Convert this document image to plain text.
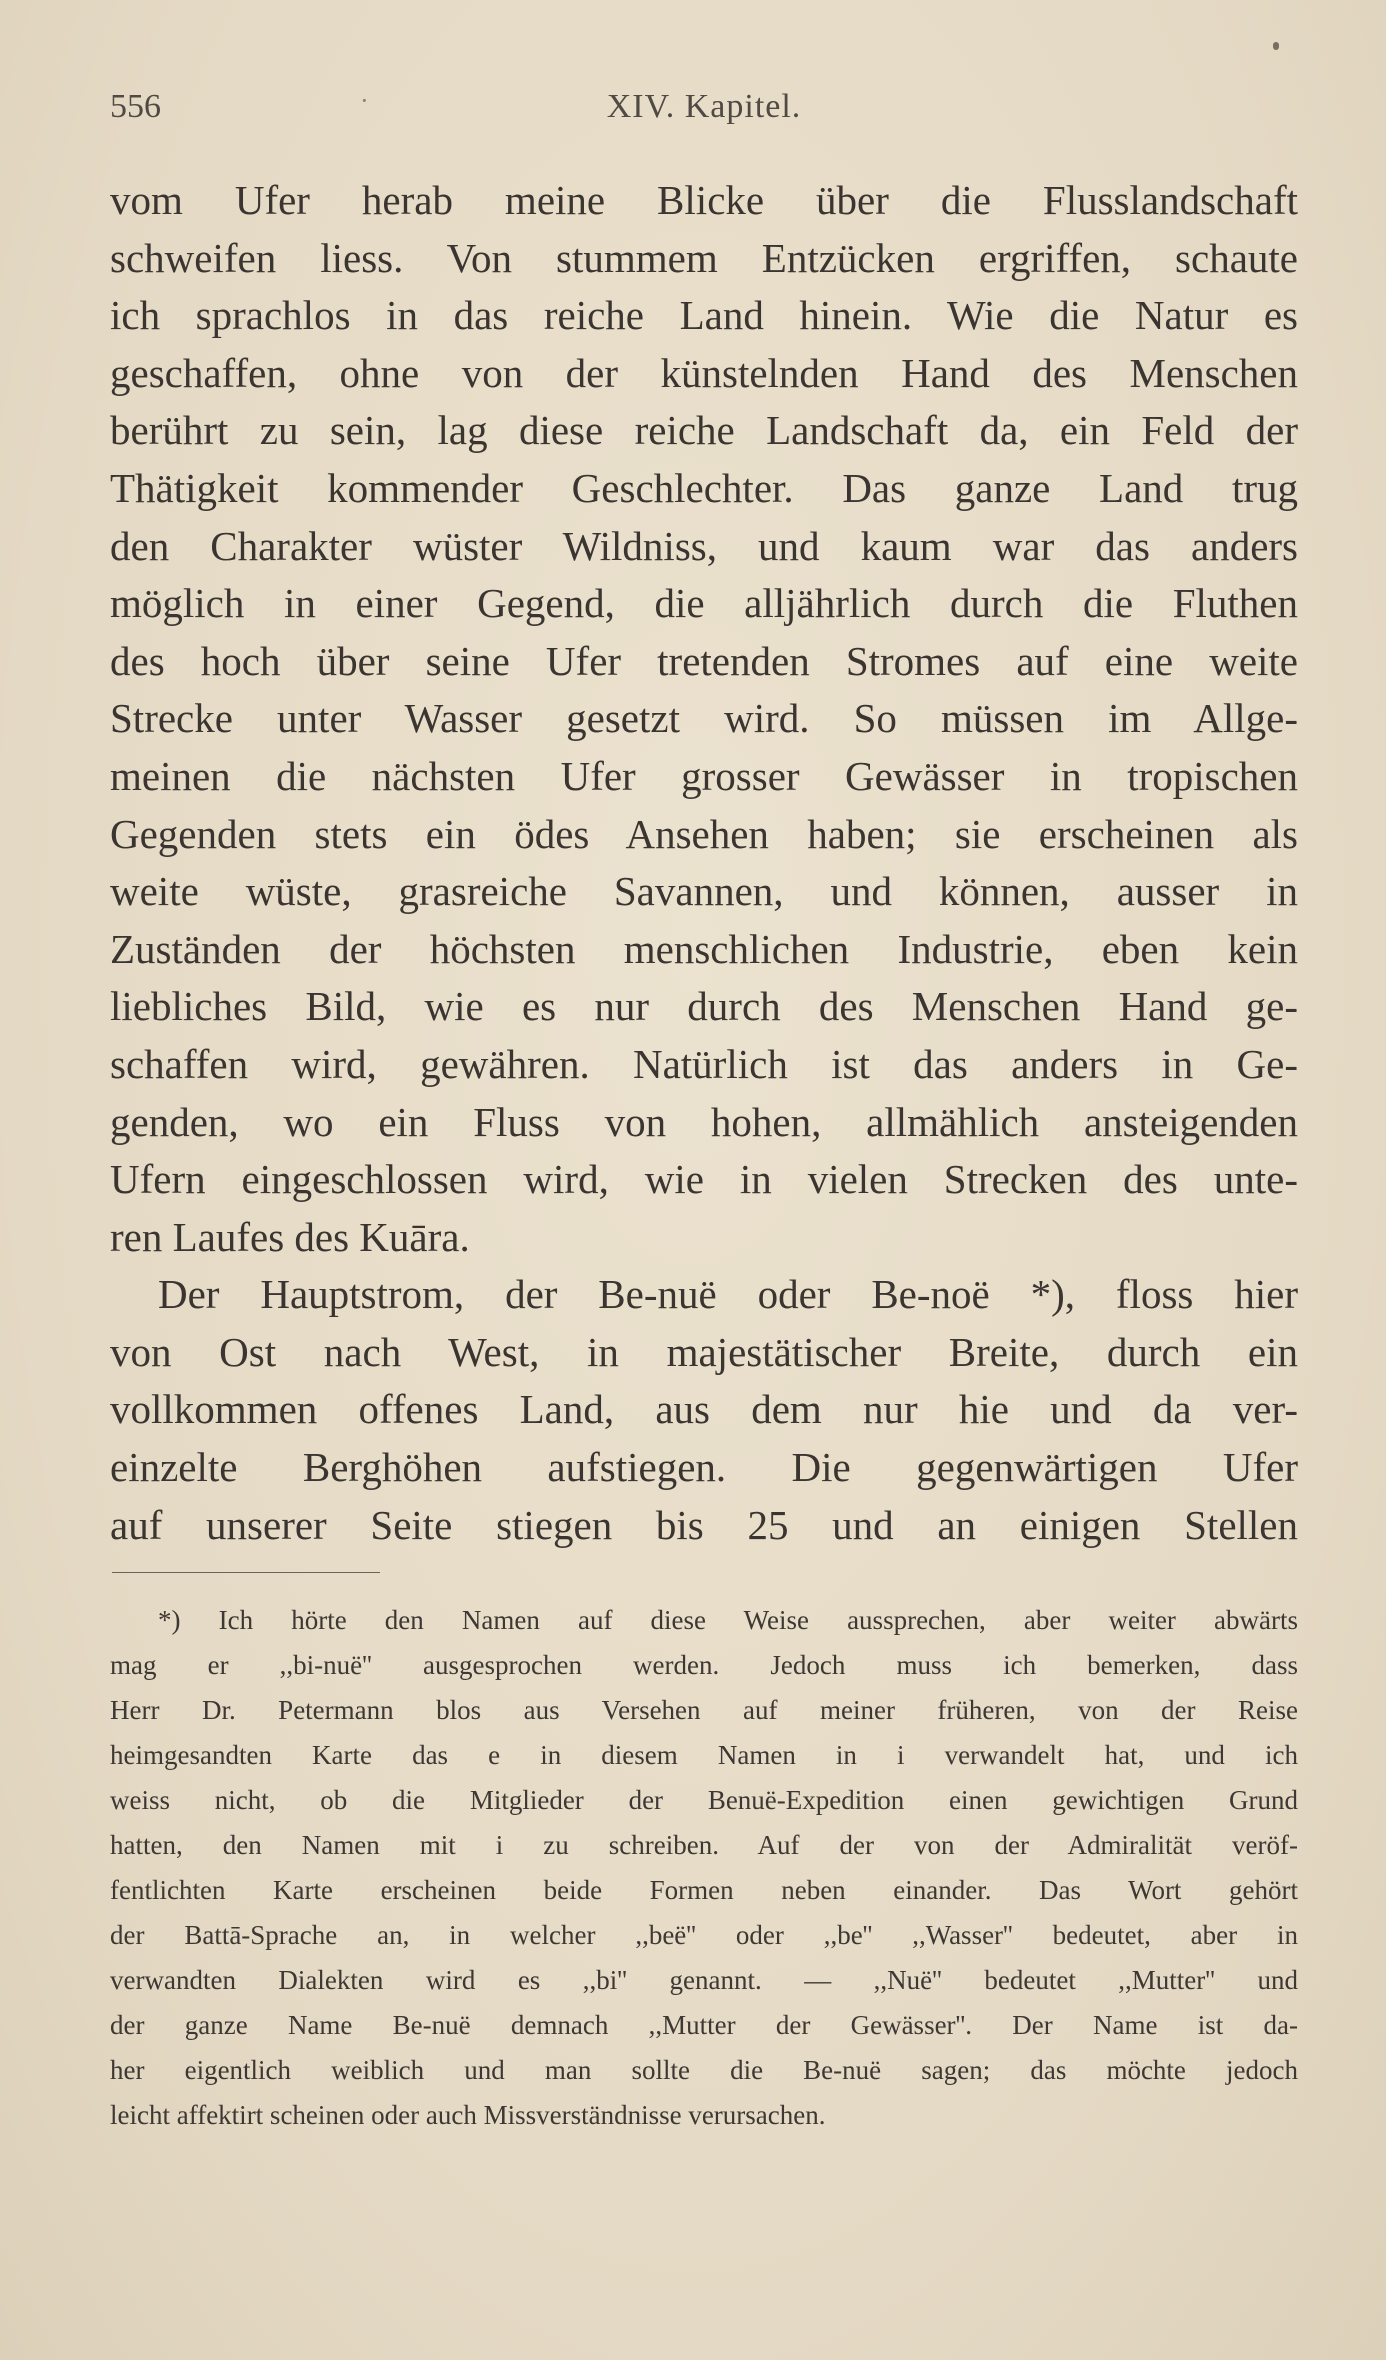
556	·	XIV. Kapitel.
vom Ufer herab meine Blicke über die Flusslandschaft
schweifen liess. Von stummem Entzücken ergriffen, schaute
ich sprachlos in das reiche Land hinein. Wie die Natur es
geschaffen, ohne von der künstelnden Hand des Menschen
berührt zu sein, lag diese reiche Landschaft da, ein Feld der
Thätigkeit kommender Geschlechter. Das ganze Land trug
den Charakter wüster Wildniss, und kaum war das anders
möglich in einer Gegend, die alljährlich durch die Fluthen
des hoch über seine Ufer tretenden Stromes auf eine weite
Strecke unter Wasser gesetzt wird. So müssen im Allge-
meinen die nächsten Ufer grosser Gewässer in tropischen
Gegenden stets ein ödes Ansehen haben; sie erscheinen als
weite wüste, grasreiche Savannen, und können, ausser in
Zuständen der höchsten menschlichen Industrie, eben kein
liebliches Bild, wie es nur durch des Menschen Hand ge-
schaffen wird, gewähren. Natürlich ist das anders in Ge-
genden, wo ein Fluss von hohen, allmählich ansteigenden
Ufern eingeschlossen wird, wie in vielen Strecken des unte-
ren Laufes des Kuāra.
Der Hauptstrom, der Be-nuë oder Be-noë *), floss hier
von Ost nach West, in majestätischer Breite, durch ein
vollkommen offenes Land, aus dem nur hie und da ver-
einzelte Berghöhen aufstiegen. Die gegenwärtigen Ufer
auf unserer Seite stiegen bis 25 und an einigen Stellen
*) Ich hörte den Namen auf diese Weise aussprechen, aber weiter abwärts
mag er ,,bi-nuë'' ausgesprochen werden. Jedoch muss ich bemerken, dass
Herr Dr. Petermann blos aus Versehen auf meiner früheren, von der Reise
heimgesandten Karte das e in diesem Namen in i verwandelt hat, und ich
weiss nicht, ob die Mitglieder der Benuë-Expedition einen gewichtigen Grund
hatten, den Namen mit i zu schreiben. Auf der von der Admiralität veröf-
fentlichten Karte erscheinen beide Formen neben einander. Das Wort gehört
der Battā-Sprache an, in welcher ,,beë'' oder ,,be'' ,,Wasser'' bedeutet, aber in
verwandten Dialekten wird es ,,bi'' genannt. — ,,Nuë'' bedeutet ,,Mutter'' und
der ganze Name Be-nuë demnach ,,Mutter der Gewässer''. Der Name ist da-
her eigentlich weiblich und man sollte die Be-nuë sagen; das möchte jedoch
leicht affektirt scheinen oder auch Missverständnisse verursachen.
